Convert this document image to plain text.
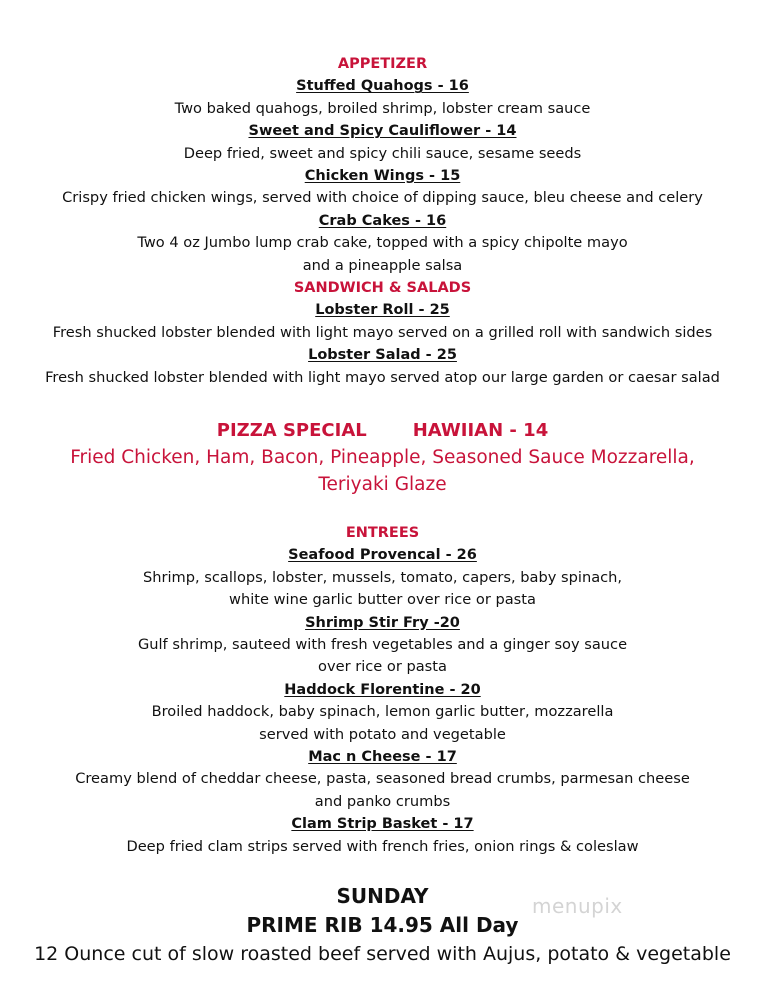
APPETIZER
Stuffed Quahogs - 16
Two baked quahogs, broiled shrimp, lobster cream sauce
Sweet and Spicy Cauliflower - 14
Deep fried, sweet and spicy chili sauce, sesame seeds
Chicken Wings - 15
Crispy fried chicken wings, served with choice of dipping sauce, bleu cheese and celery
Crab Cakes - 16
Two 4 oz Jumbo lump crab cake, topped with a spicy chipolte mayo
and a pineapple salsa
SANDWICH & SALADS
Lobster Roll - 25
Fresh shucked lobster blended with light mayo served on a grilled roll with sandwich sides
Lobster Salad - 25
Fresh shucked lobster blended with light mayo served atop our large garden or caesar salad
PIZZA SPECIAL	HAWIIAN - 14
Fried Chicken, Ham, Bacon, Pineapple, Seasoned Sauce Mozzarella,
Teriyaki Glaze
ENTREES
Seafood Provencal - 26
Shrimp, scallops, lobster, mussels, tomato, capers, baby spinach,
white wine garlic butter over rice or pasta
Shrimp Stir Fry -20
Gulf shrimp, sauteed with fresh vegetables and a ginger soy sauce
over rice or pasta
Haddock Florentine - 20
Broiled haddock, baby spinach, lemon garlic butter, mozzarella
served with potato and vegetable
Mac n Cheese - 17
Creamy blend of cheddar cheese, pasta, seasoned bread crumbs, parmesan cheese
and panko crumbs
Clam Strip Basket - 17
Deep fried clam strips served with french fries, onion rings & coleslaw
SUNDAY
PRIME RIB 14.95 All Day
12 Ounce cut of slow roasted beef served with Aujus, potato & vegetable
menupix
